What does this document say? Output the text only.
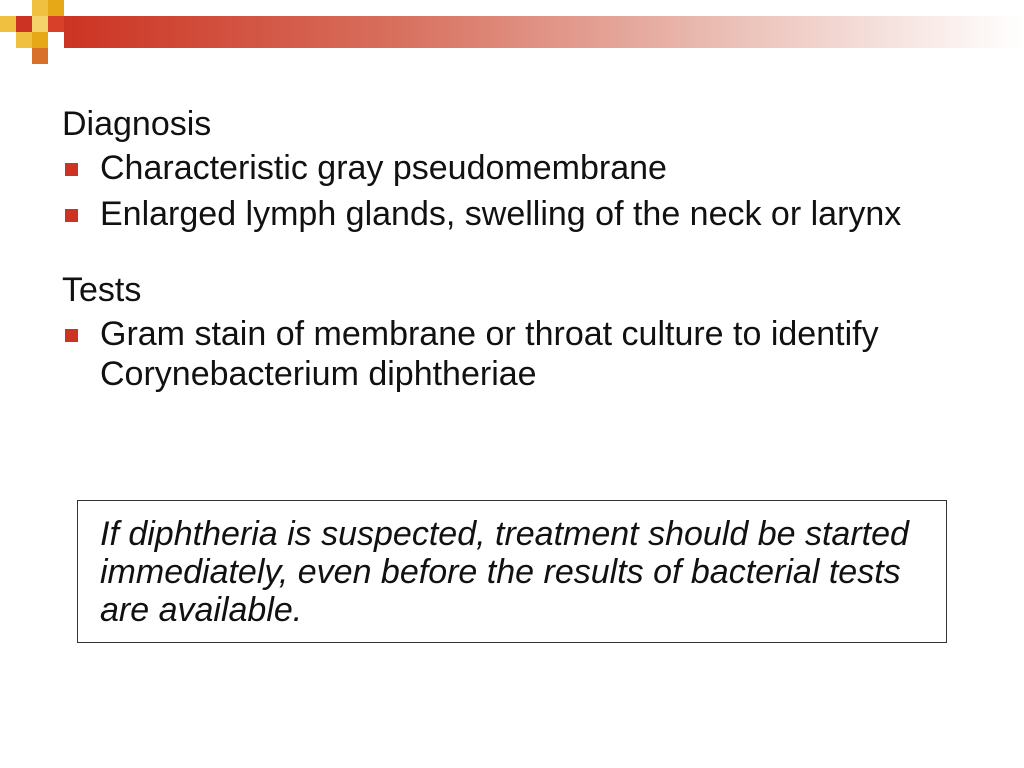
Diagnosis
Characteristic gray pseudomembrane
Enlarged lymph glands, swelling of the neck or larynx
Tests
Gram stain of membrane or throat culture to identify Corynebacterium diphtheriae

If diphtheria is suspected, treatment should be started immediately, even before the results of bacterial tests are available.
